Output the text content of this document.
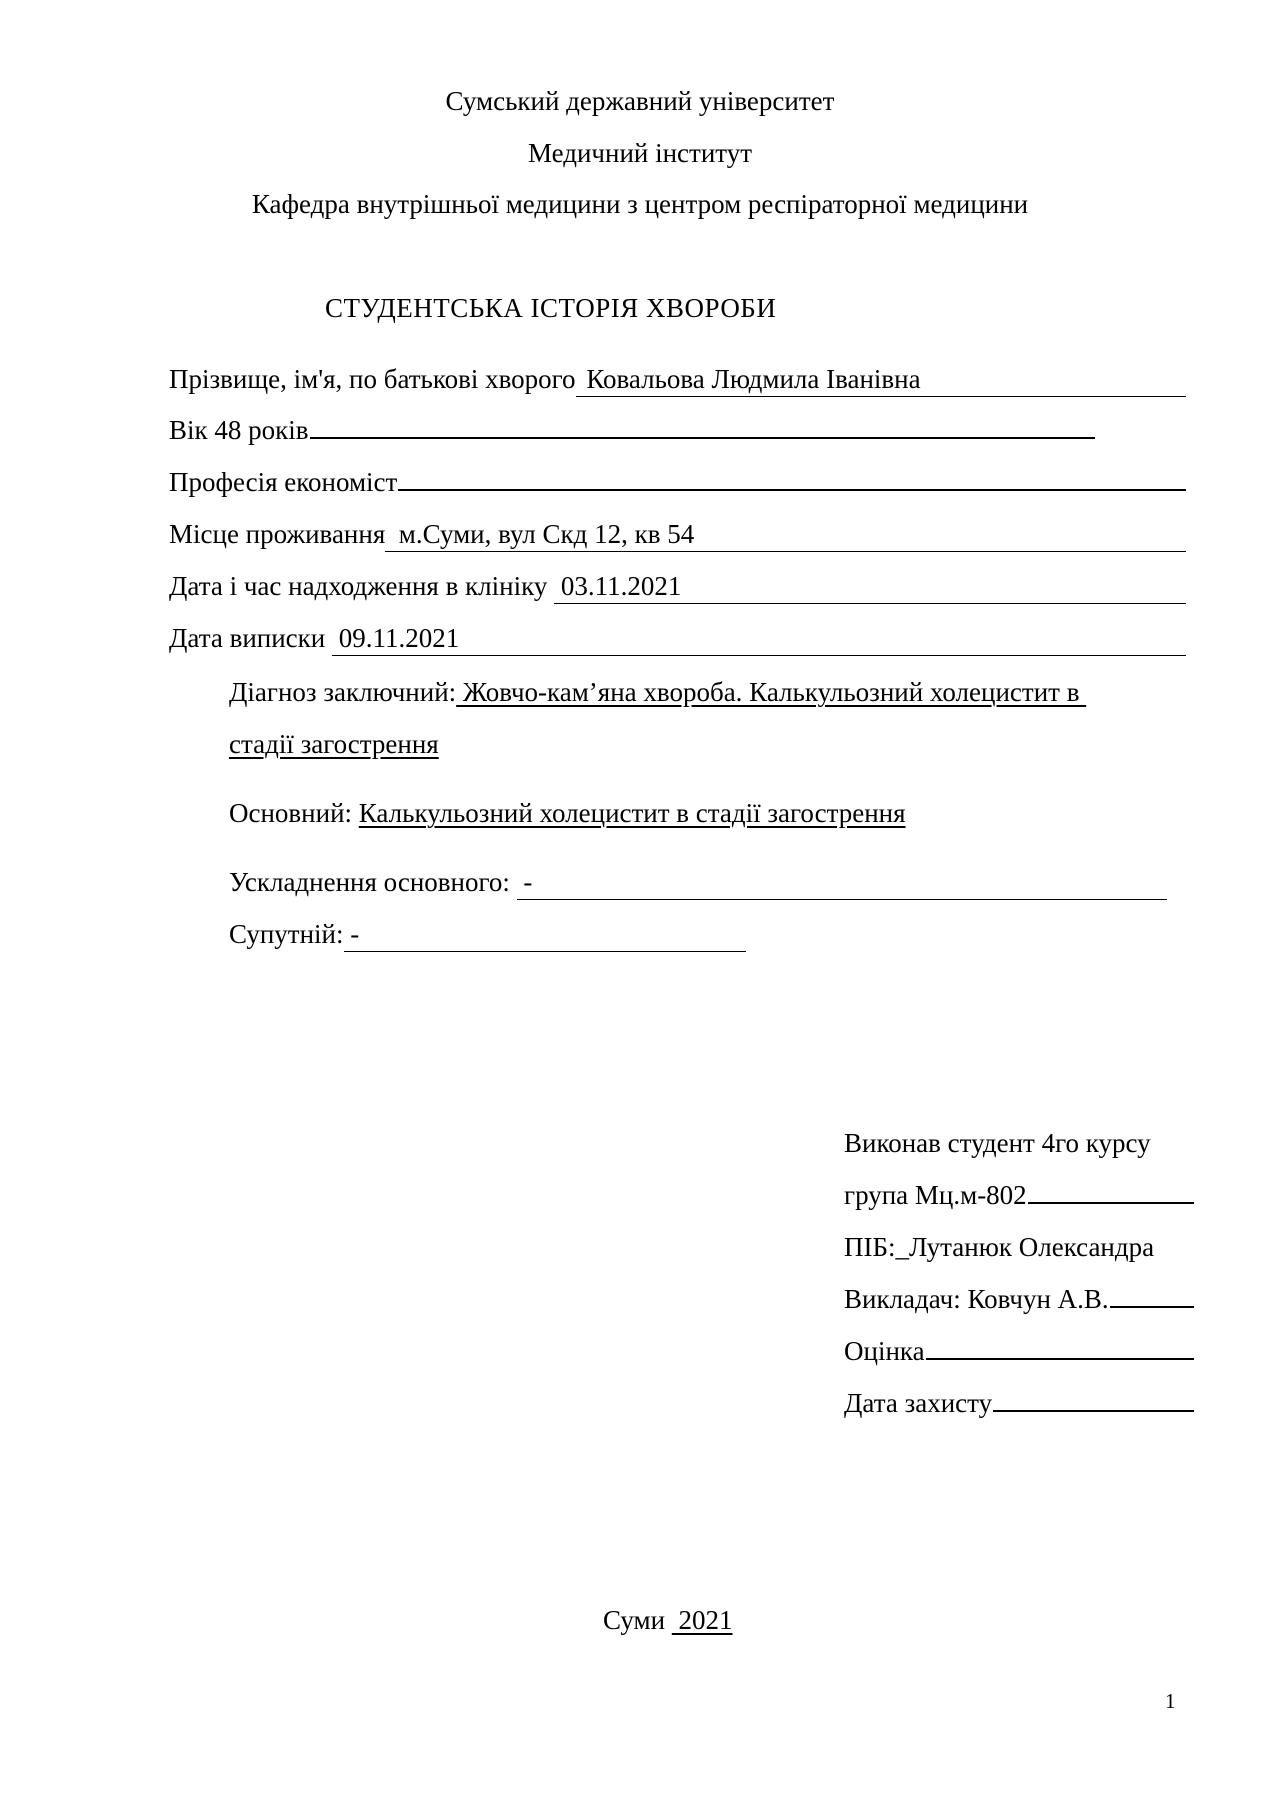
Сумський державний університет
Медичний інститут
Кафедра внутрішньої медицини з центром респіраторної медицини
СТУДЕНТСЬКА ІСТОРІЯ ХВОРОБИ
Прізвище, ім'я, по батькові хворого Ковальова Людмила Іванівна
Вік 48 років
Професія економіст
Місце проживання м.Суми, вул Скд 12, кв 54
Дата і час надходження в клініку 03.11.2021
Дата виписки 09.11.2021
Діагноз заключний: Жовчо-кам’яна хвороба. Калькульозний холецистит в
стадії загострення
Основний: Калькульозний холецистит в стадії загострення
Ускладнення основного: -
Супутній: -
Виконав студент 4го курсу
група Мц.м-802
ПІБ:_Лутанюк Олександра
Викладач: Ковчун А.В.
Оцінка
Дата захисту
Суми 2021
1
